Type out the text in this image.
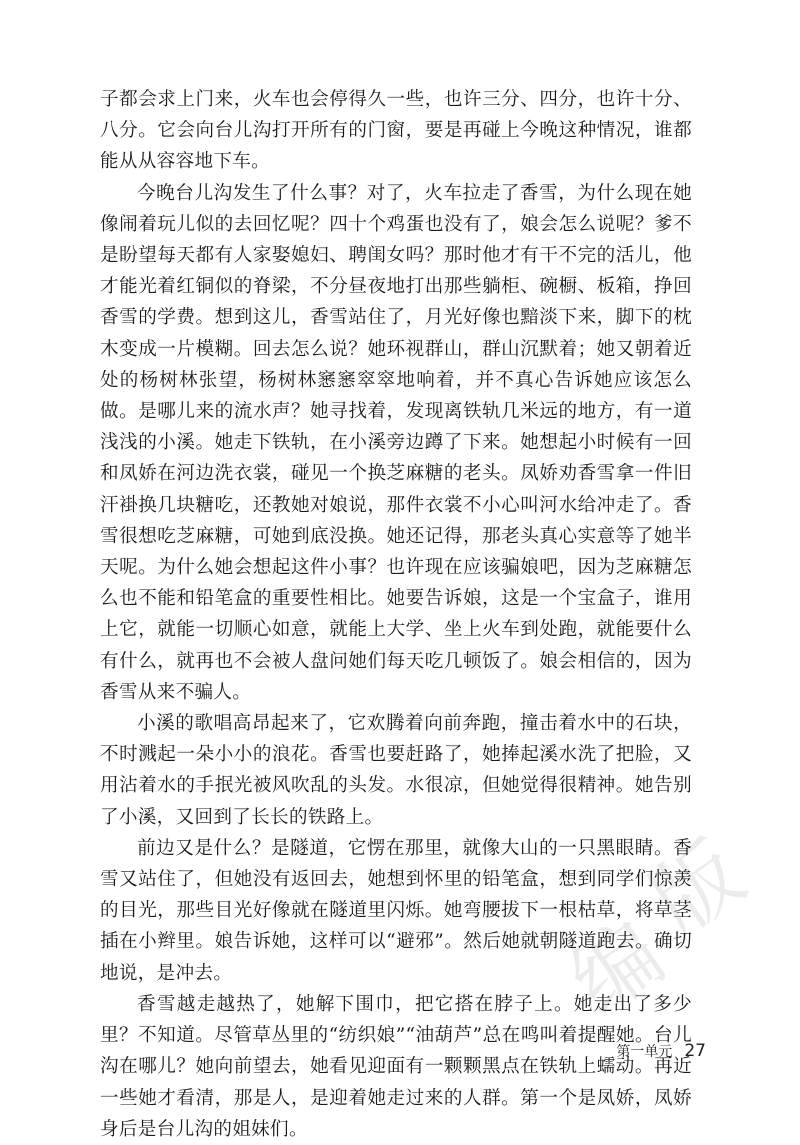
编
版

子都会求上门来，火车也会停得久一些，也许三分、四分，也许十分、八分。它会向台儿沟打开所有的门窗，要是再碰上今晚这种情况，谁都能从从容容地下车。

今晚台儿沟发生了什么事？对了，火车拉走了香雪，为什么现在她像闹着玩儿似的去回忆呢？四十个鸡蛋也没有了，娘会怎么说呢？爹不是盼望每天都有人家娶媳妇、聘闺女吗？那时他才有干不完的活儿，他才能光着红铜似的脊梁，不分昼夜地打出那些躺柜、碗橱、板箱，挣回香雪的学费。想到这儿，香雪站住了，月光好像也黯淡下来，脚下的枕木变成一片模糊。回去怎么说？她环视群山，群山沉默着；她又朝着近处的杨树林张望，杨树林窸窸窣窣地响着，并不真心告诉她应该怎么做。是哪儿来的流水声？她寻找着，发现离铁轨几米远的地方，有一道浅浅的小溪。她走下铁轨，在小溪旁边蹲了下来。她想起小时候有一回和凤娇在河边洗衣裳，碰见一个换芝麻糖的老头。凤娇劝香雪拿一件旧汗褂换几块糖吃，还教她对娘说，那件衣裳不小心叫河水给冲走了。香雪很想吃芝麻糖，可她到底没换。她还记得，那老头真心实意等了她半天呢。为什么她会想起这件小事？也许现在应该骗娘吧，因为芝麻糖怎么也不能和铅笔盒的重要性相比。她要告诉娘，这是一个宝盒子，谁用上它，就能一切顺心如意，就能上大学、坐上火车到处跑，就能要什么有什么，就再也不会被人盘问她们每天吃几顿饭了。娘会相信的，因为香雪从来不骗人。

小溪的歌唱高昂起来了，它欢腾着向前奔跑，撞击着水中的石块，不时溅起一朵小小的浪花。香雪也要赶路了，她捧起溪水洗了把脸，又用沾着水的手抿光被风吹乱的头发。水很凉，但她觉得很精神。她告别了小溪，又回到了长长的铁路上。

前边又是什么？是隧道，它愣在那里，就像大山的一只黑眼睛。香雪又站住了，但她没有返回去，她想到怀里的铅笔盒，想到同学们惊羡的目光，那些目光好像就在隧道里闪烁。她弯腰拔下一根枯草，将草茎插在小辫里。娘告诉她，这样可以“避邪”。然后她就朝隧道跑去。确切地说，是冲去。

香雪越走越热了，她解下围巾，把它搭在脖子上。她走出了多少里？不知道。尽管草丛里的“纺织娘”“油葫芦”总在鸣叫着提醒她。台儿沟在哪儿？她向前望去，她看见迎面有一颗颗黑点在铁轨上蠕动。再近一些她才看清，那是人，是迎着她走过来的人群。第一个是凤娇，凤娇身后是台儿沟的姐妹们。

第一单元 27
